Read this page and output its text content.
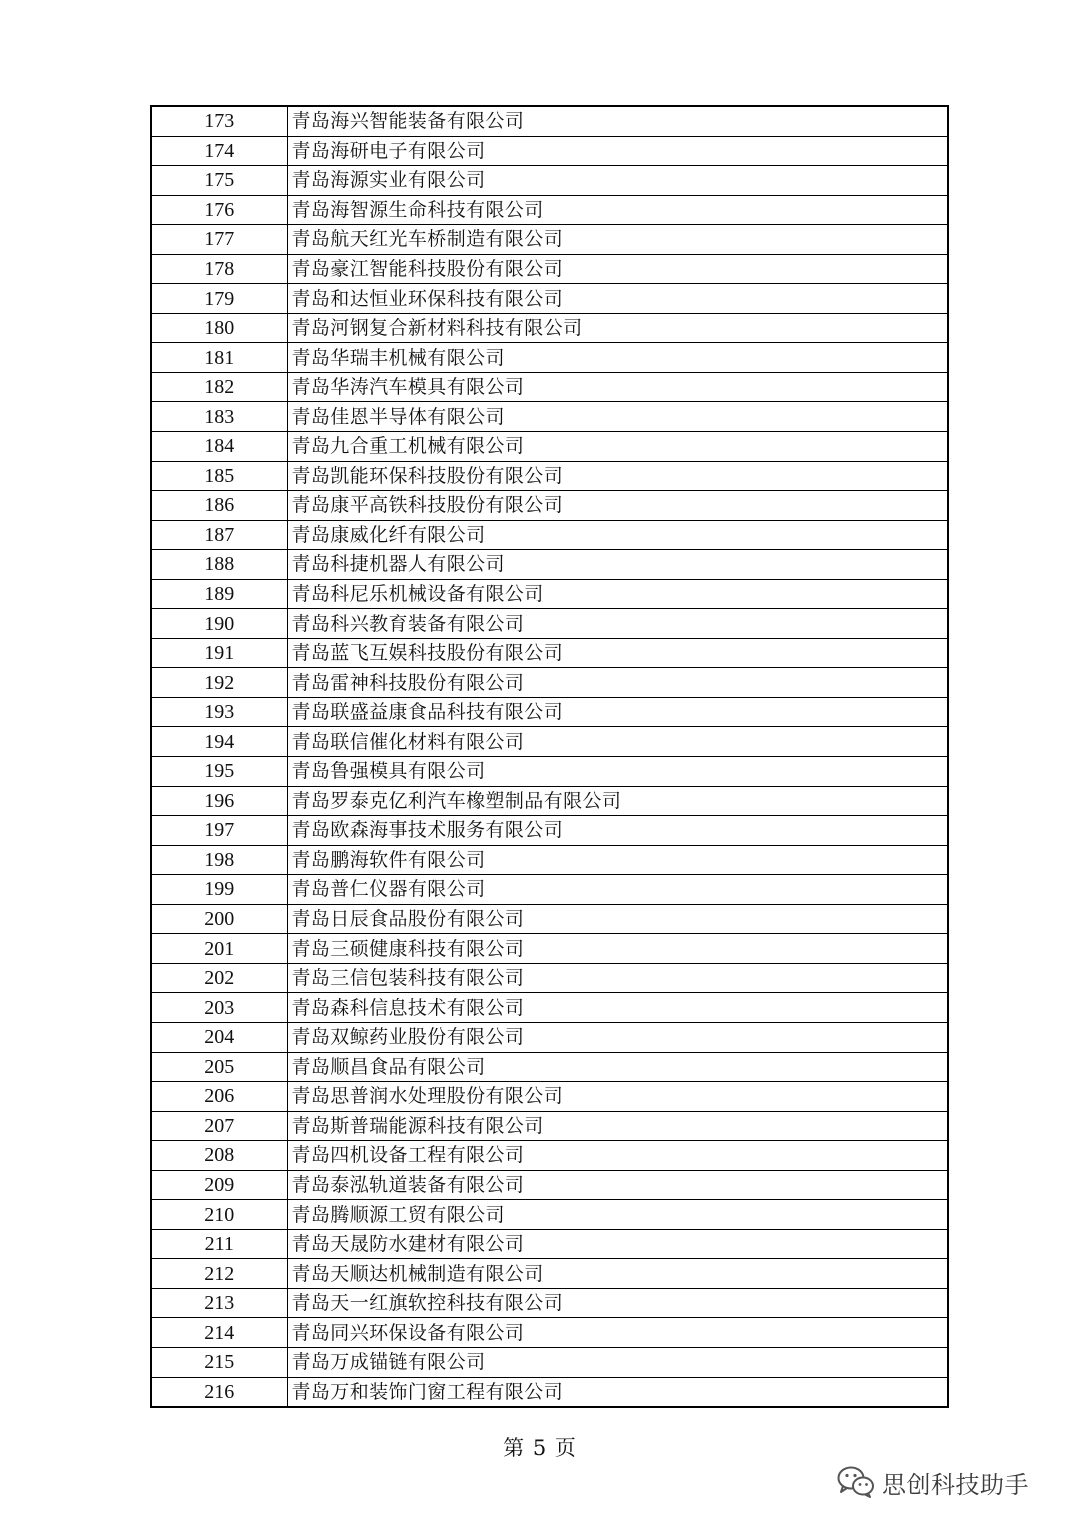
173	青岛海兴智能装备有限公司
174	青岛海研电子有限公司
175	青岛海源实业有限公司
176	青岛海智源生命科技有限公司
177	青岛航天红光车桥制造有限公司
178	青岛豪江智能科技股份有限公司
179	青岛和达恒业环保科技有限公司
180	青岛河钢复合新材料科技有限公司
181	青岛华瑞丰机械有限公司
182	青岛华涛汽车模具有限公司
183	青岛佳恩半导体有限公司
184	青岛九合重工机械有限公司
185	青岛凯能环保科技股份有限公司
186	青岛康平高铁科技股份有限公司
187	青岛康威化纤有限公司
188	青岛科捷机器人有限公司
189	青岛科尼乐机械设备有限公司
190	青岛科兴教育装备有限公司
191	青岛蓝飞互娱科技股份有限公司
192	青岛雷神科技股份有限公司
193	青岛联盛益康食品科技有限公司
194	青岛联信催化材料有限公司
195	青岛鲁强模具有限公司
196	青岛罗泰克亿利汽车橡塑制品有限公司
197	青岛欧森海事技术服务有限公司
198	青岛鹏海软件有限公司
199	青岛普仁仪器有限公司
200	青岛日辰食品股份有限公司
201	青岛三硕健康科技有限公司
202	青岛三信包装科技有限公司
203	青岛森科信息技术有限公司
204	青岛双鲸药业股份有限公司
205	青岛顺昌食品有限公司
206	青岛思普润水处理股份有限公司
207	青岛斯普瑞能源科技有限公司
208	青岛四机设备工程有限公司
209	青岛泰泓轨道装备有限公司
210	青岛腾顺源工贸有限公司
211	青岛天晟防水建材有限公司
212	青岛天顺达机械制造有限公司
213	青岛天一红旗软控科技有限公司
214	青岛同兴环保设备有限公司
215	青岛万成锚链有限公司
216	青岛万和装饰门窗工程有限公司
第 5 页
思创科技助手
